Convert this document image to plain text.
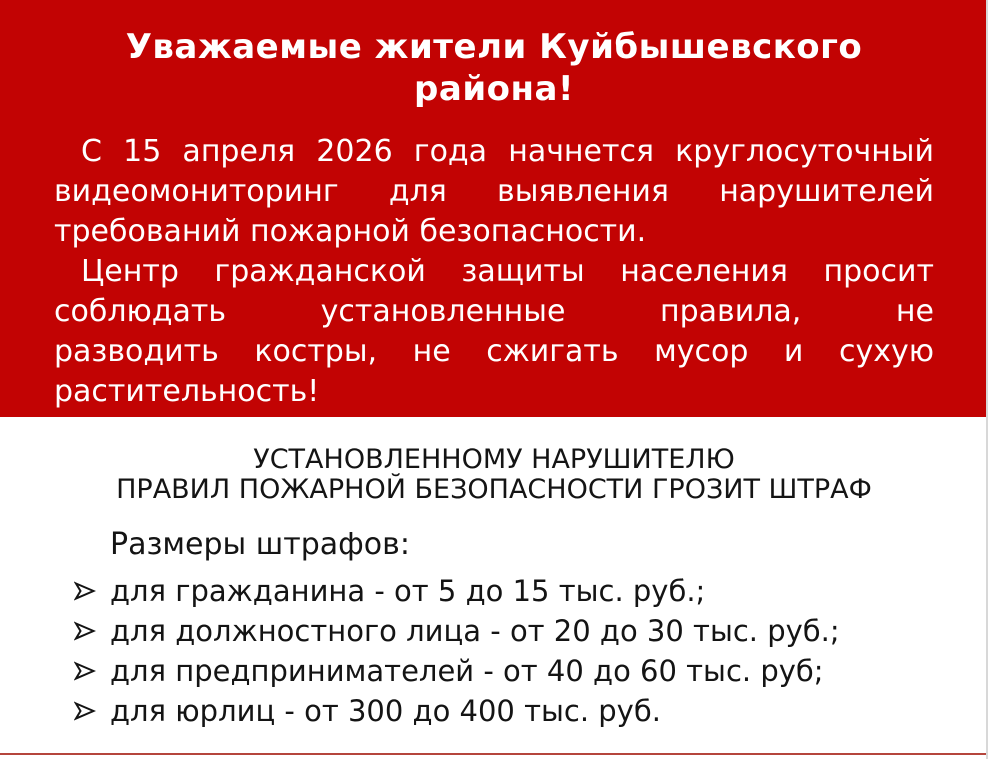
Уважаемые жители Куйбышевского района!

С 15 апреля 2026 года начнется круглосуточный
видеомониторинг для выявления нарушителей
требований пожарной безопасности.

Центр гражданской защиты населения просит
соблюдать установленные правила, не
разводить костры, не сжигать мусор и сухую
растительность!

УСТАНОВЛЕННОМУ НАРУШИТЕЛЮ
ПРАВИЛ ПОЖАРНОЙ БЕЗОПАСНОСТИ ГРОЗИТ ШТРАФ
Размеры штрафов:
для гражданина - от 5 до 15 тыс. руб.;
для должностного лица - от 20 до 30 тыс. руб.;
для предпринимателей - от 40 до 60 тыс. руб;
для юрлиц - от 300 до 400 тыс. руб.
